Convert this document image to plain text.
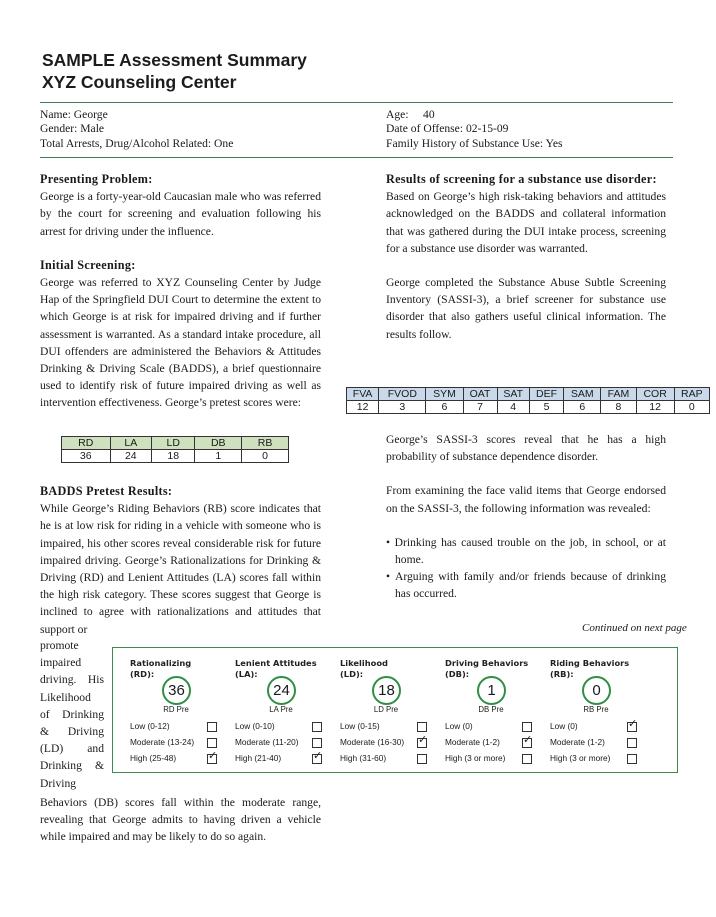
SAMPLE Assessment Summary
XYZ Counseling Center
Name: George
Gender: Male
Total Arrests, Drug/Alcohol Related: One
Age:     40
Date of Offense: 02-15-09
Family History of Substance Use: Yes

Presenting Problem:

George is a forty-year-old Caucasian male who was referred by the court for screening and evaluation following his arrest for driving under the influence.

Initial Screening:

George was referred to XYZ Counseling Center by Judge Hap of the Springfield DUI Court to determine the extent to which George is at risk for impaired driving and if further assessment is warranted. As a standard intake procedure, all DUI offenders are administered the Behaviors & Attitudes Drinking & Driving Scale (BADDS), a brief questionnaire used to identify risk of future impaired driving as well as intervention effectiveness. George’s pretest scores were:

RD	LA	LD	DB	RB
36	24	18	1	0

BADDS Pretest Results:

While George’s Riding Behaviors (RB) score indicates that he is at low risk for riding in a vehicle with someone who is impaired, his other scores reveal considerable risk for future impaired driving. George’s Rationalizations for Drinking & Driving (RD) and Lenient Attitudes (LA) scores fall within the high risk category. These scores suggest that George is inclined to agree with rationalizations and attitudes that support or

promote
impaired
driving. His
Likelihood
of Drinking
& Driving
(LD) and
Drinking &
Driving

Behaviors (DB) scores fall within the moderate range, revealing that George admits to having driven a vehicle while impaired and may be likely to do so again.

Results of screening for a substance use disorder:

Based on George’s high risk-taking behaviors and attitudes acknowledged on the BADDS and collateral information that was gathered during the DUI intake process, screening for a substance use disorder was warranted.

George completed the Substance Abuse Subtle Screening Inventory (SASSI-3), a brief screener for substance use disorder that also gathers useful clinical information. The results follow.

FVA	FVOD	SYM	OAT	SAT	DEF	SAM	FAM	COR	RAP
12	3	6	7	4	5	6	8	12	0

George’s SASSI-3 scores reveal that he has a high probability of substance dependence disorder.

From examining the face valid items that George endorsed on the SASSI-3, the following information was revealed:

• Drinking has caused trouble on the job, in school, or at home.

• Arguing with family and/or friends because of drinking has occurred.

Continued on next page
Rationalizing
(RD):
36
RD Pre
Low (0-12)
Moderate (13-24)
High (25-48)	✓
Lenient Attitudes
(LA):
24
LA Pre
Low (0-10)
Moderate (11-20)
High (21-40)	✓
Likelihood
(LD):
18
LD Pre
Low (0-15)
Moderate (16-30) ✓
High (31-60)
Driving Behaviors
(DB):
1
DB Pre
Low (0)
Moderate (1-2) ✓
High (3 or more)
Riding Behaviors
(RB):
0
RB Pre
Low (0)	✓
Moderate (1-2)
High (3 or more)
